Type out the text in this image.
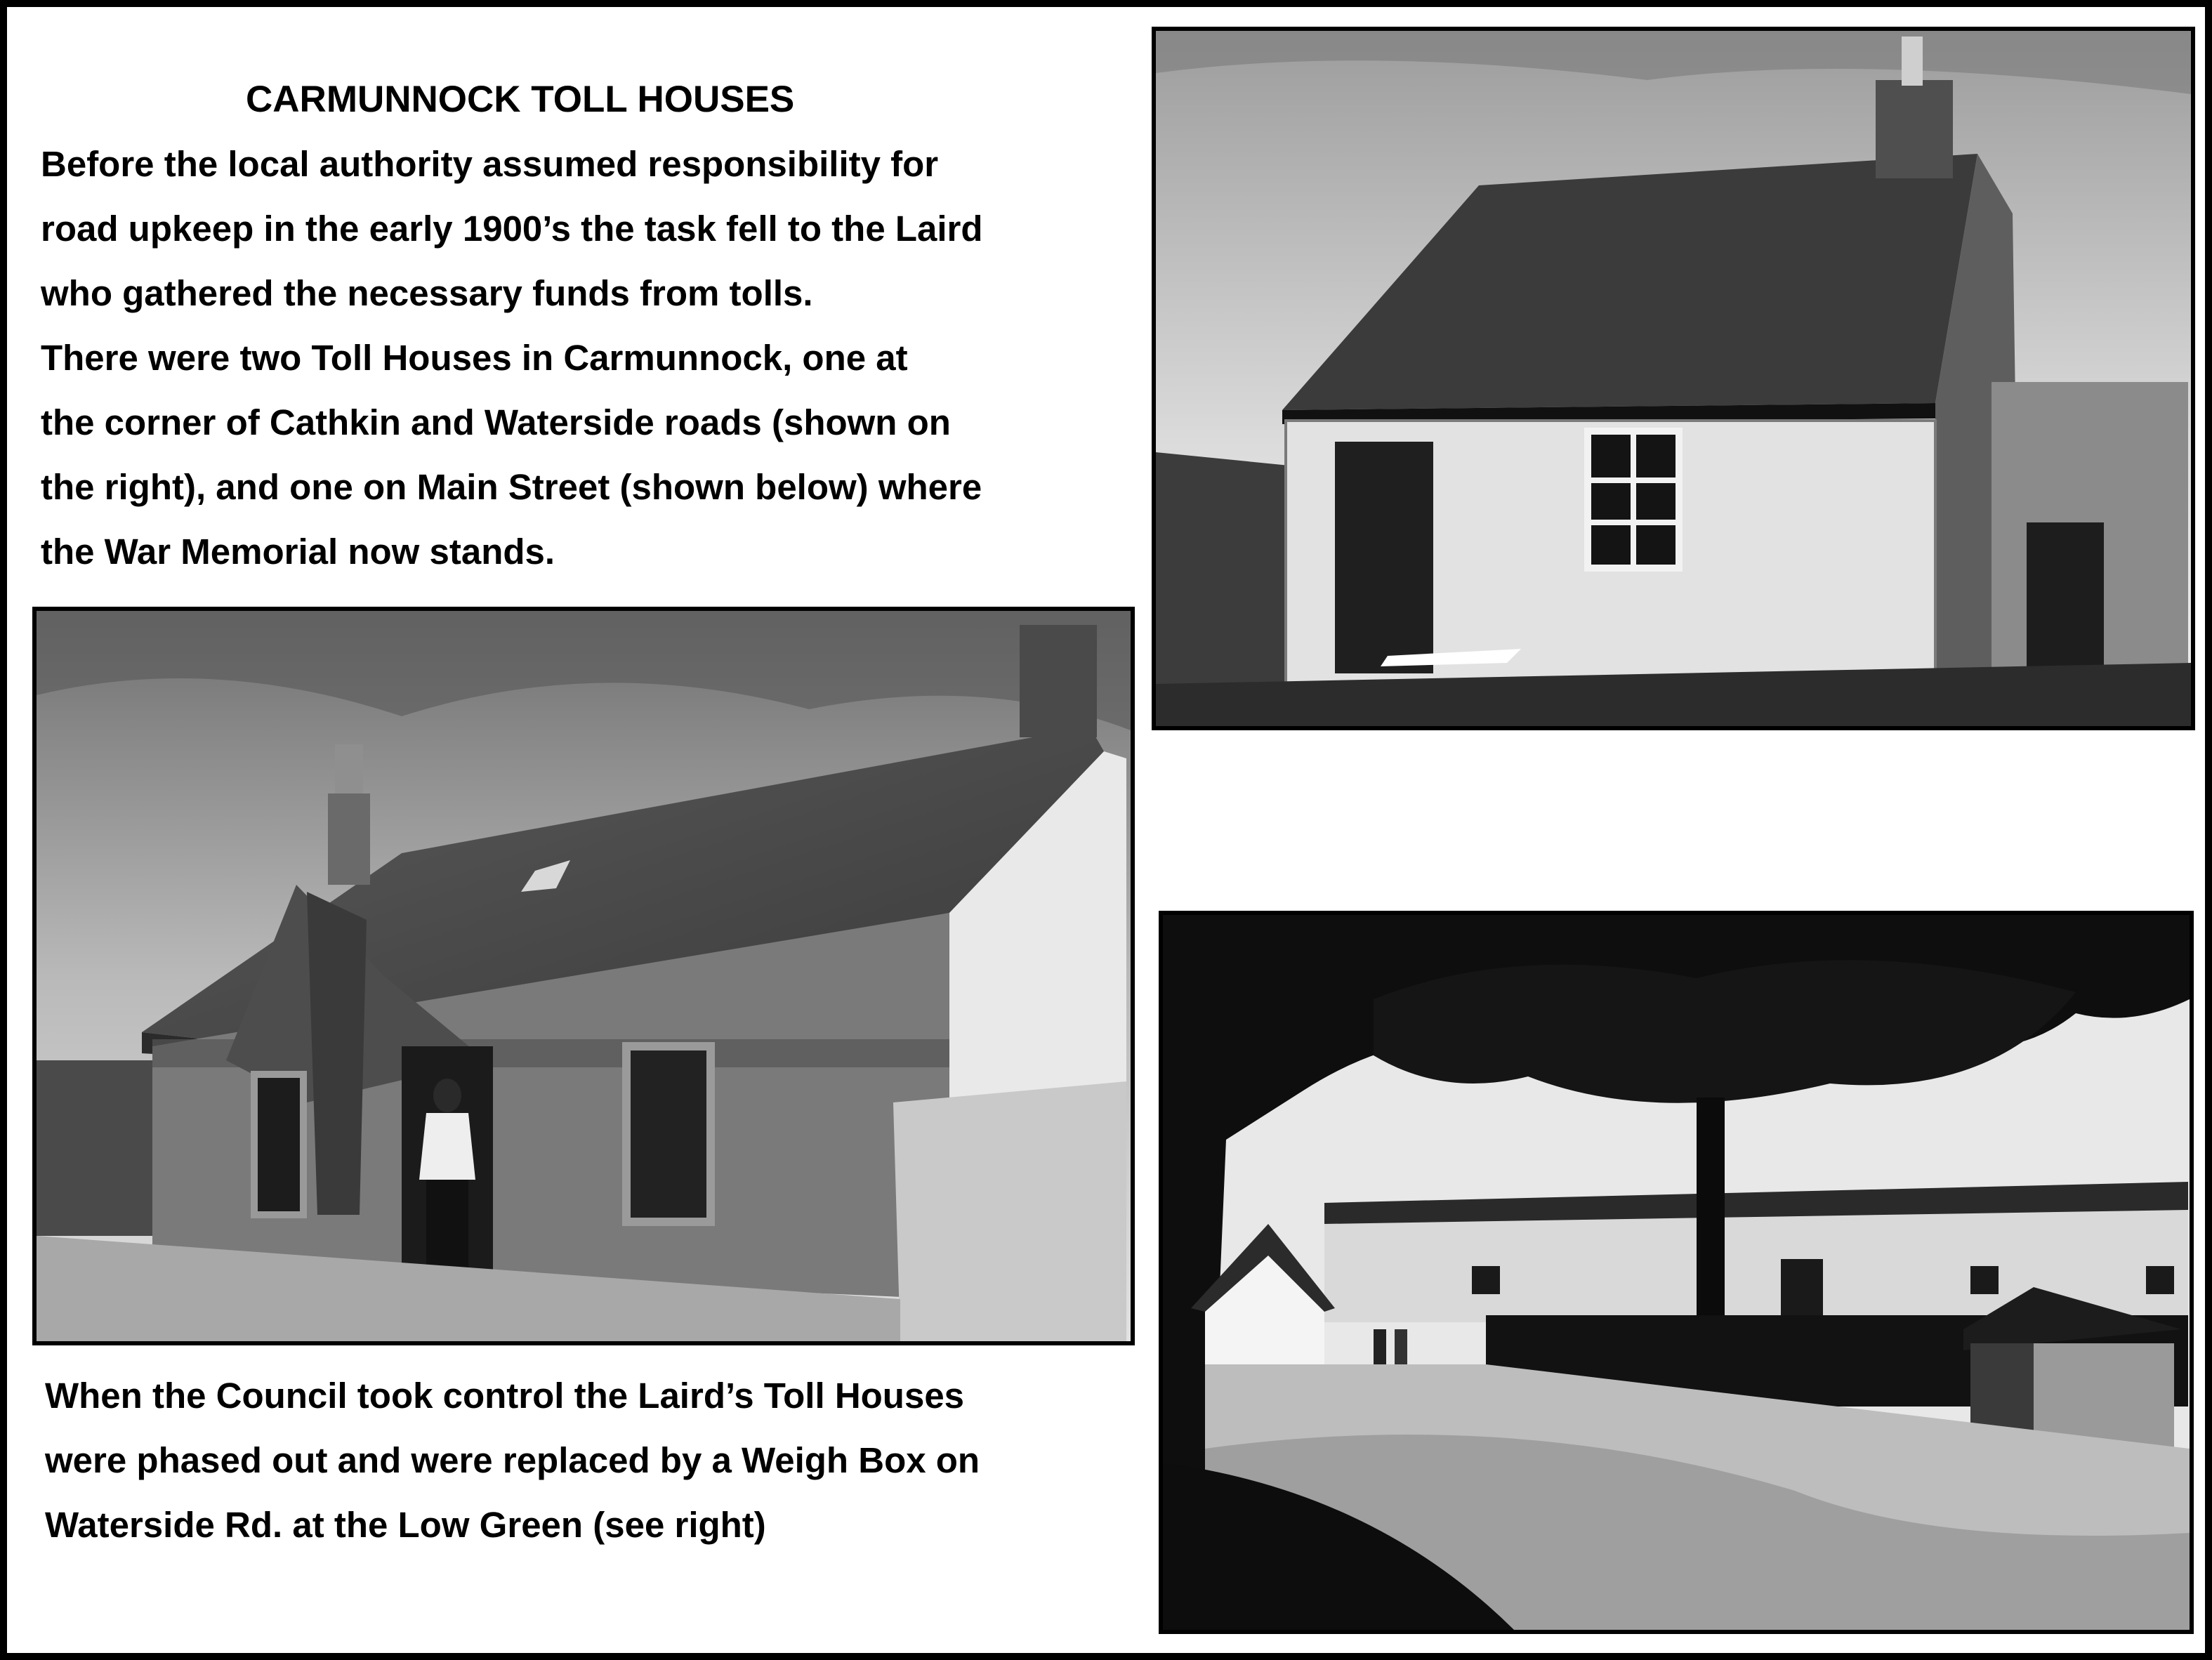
CARMUNNOCK TOLL HOUSES
Before the local authority assumed responsibility for
road upkeep in the early 1900’s the task fell to the Laird
who gathered the necessary funds from tolls.
There were two Toll Houses in Carmunnock, one at
the corner of Cathkin and Waterside roads (shown on
the right), and one on Main Street (shown below) where
the War Memorial now stands.
When the Council took control the Laird’s Toll Houses
were phased out and were replaced by a Weigh Box on
Waterside Rd. at the Low Green (see right)
